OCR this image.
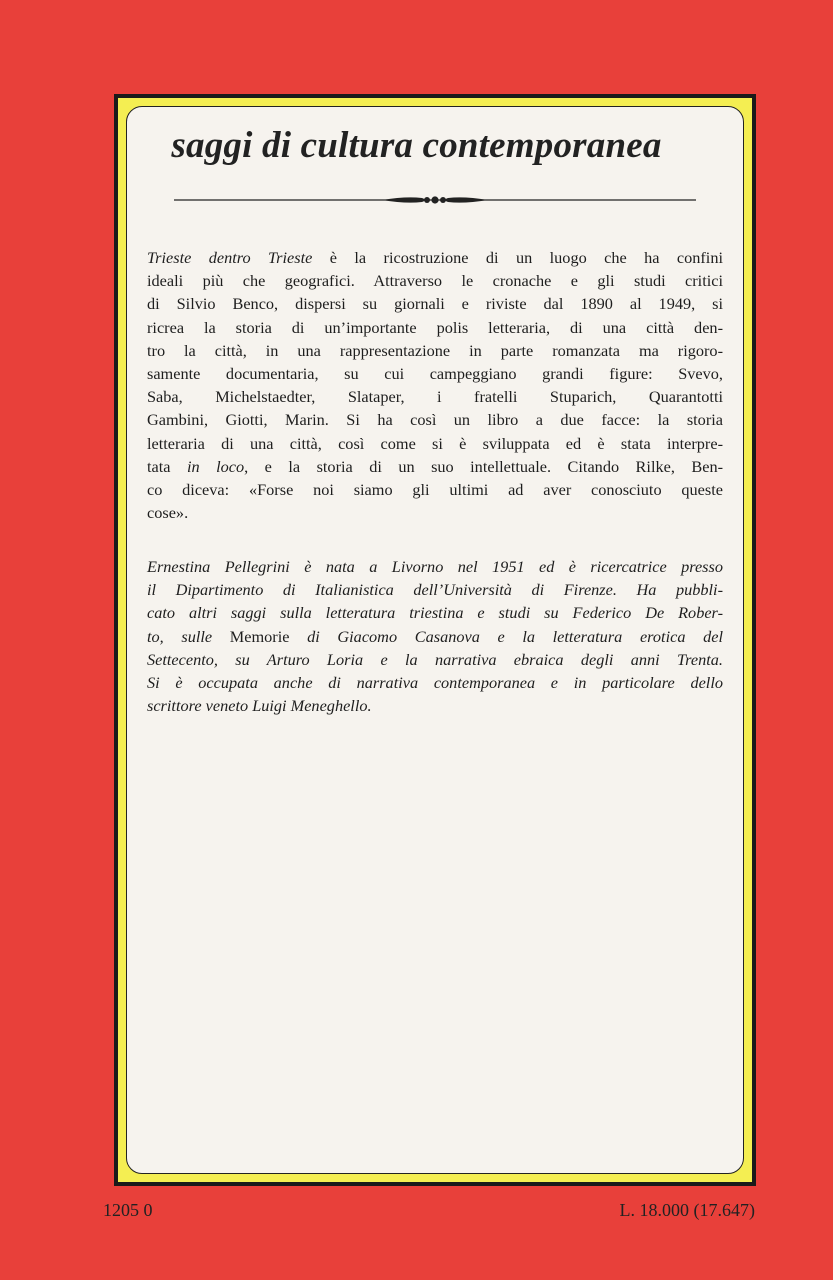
saggi di cultura contemporanea
Trieste dentro Trieste è la ricostruzione di un luogo che ha confini
ideali più che geografici. Attraverso le cronache e gli studi critici
di Silvio Benco, dispersi su giornali e riviste dal 1890 al 1949, si
ricrea la storia di un’importante polis letteraria, di una città den-
tro la città, in una rappresentazione in parte romanzata ma rigoro-
samente documentaria, su cui campeggiano grandi figure: Svevo,
Saba, Michelstaedter, Slataper, i fratelli Stuparich, Quarantotti
Gambini, Giotti, Marin. Si ha così un libro a due facce: la storia
letteraria di una città, così come si è sviluppata ed è stata interpre-
tata in loco, e la storia di un suo intellettuale. Citando Rilke, Ben-
co diceva: «Forse noi siamo gli ultimi ad aver conosciuto queste
cose».
Ernestina Pellegrini è nata a Livorno nel 1951 ed è ricercatrice presso
il Dipartimento di Italianistica dell’Università di Firenze. Ha pubbli-
cato altri saggi sulla letteratura triestina e studi su Federico De Rober-
to, sulle Memorie di Giacomo Casanova e la letteratura erotica del
Settecento, su Arturo Loria e la narrativa ebraica degli anni Trenta.
Si è occupata anche di narrativa contemporanea e in particolare dello
scrittore veneto Luigi Meneghello.

1205 0	L. 18.000 (17.647)
